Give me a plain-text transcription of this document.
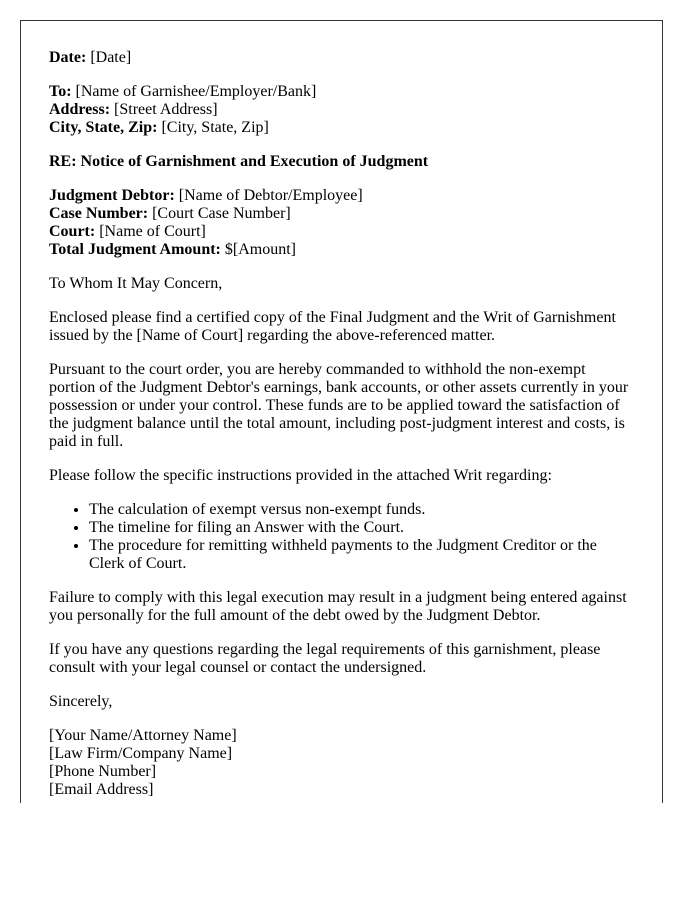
Date: [Date]

To: [Name of Garnishee/Employer/Bank]
Address: [Street Address]
City, State, Zip: [City, State, Zip]

RE: Notice of Garnishment and Execution of Judgment

Judgment Debtor: [Name of Debtor/Employee]
Case Number: [Court Case Number]
Court: [Name of Court]
Total Judgment Amount: $[Amount]

To Whom It May Concern,

Enclosed please find a certified copy of the Final Judgment and the Writ of Garnishment issued by the [Name of Court] regarding the above-referenced matter.

Pursuant to the court order, you are hereby commanded to withhold the non-exempt portion of the Judgment Debtor's earnings, bank accounts, or other assets currently in your possession or under your control. These funds are to be applied toward the satisfaction of the judgment balance until the total amount, including post-judgment interest and costs, is paid in full.

Please follow the specific instructions provided in the attached Writ regarding:

• The calculation of exempt versus non-exempt funds.
• The timeline for filing an Answer with the Court.
• The procedure for remitting withheld payments to the Judgment Creditor or the Clerk of Court.

Failure to comply with this legal execution may result in a judgment being entered against you personally for the full amount of the debt owed by the Judgment Debtor.

If you have any questions regarding the legal requirements of this garnishment, please consult with your legal counsel or contact the undersigned.

Sincerely,

[Your Name/Attorney Name]
[Law Firm/Company Name]
[Phone Number]
[Email Address]
